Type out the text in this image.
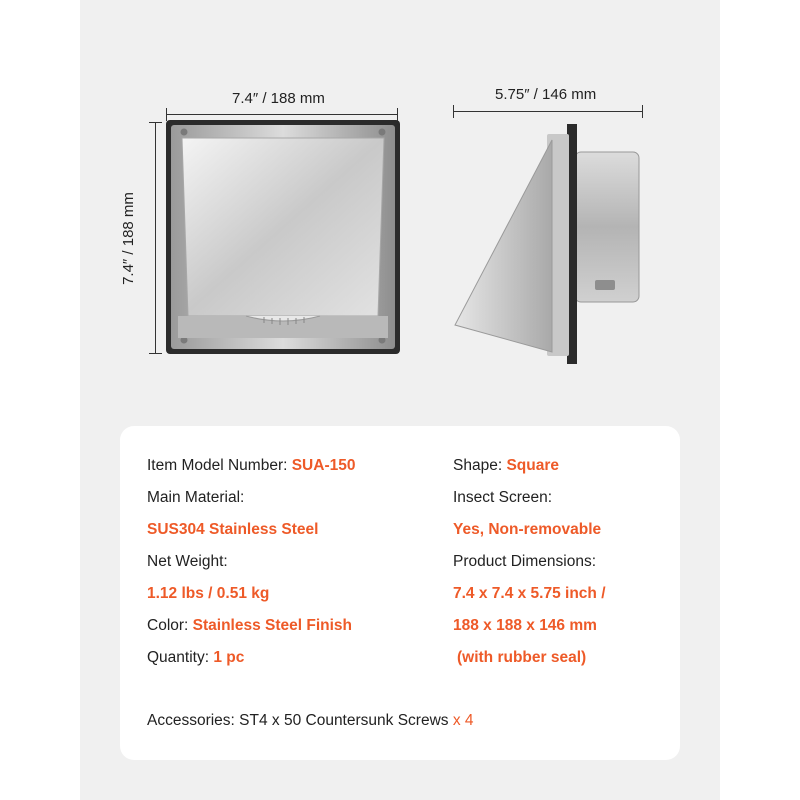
7.4″ / 188 mm
7.4″ / 188 mm
5.75″ / 146 mm
Item Model Number: SUA-150
Main Material:
SUS304 Stainless Steel
Net Weight:
1.12 lbs / 0.51 kg
Color: Stainless Steel Finish
Quantity: 1 pc
Shape: Square
Insect Screen:
Yes, Non-removable
Product Dimensions:
7.4 x 7.4 x 5.75 inch /
188 x 188 x 146 mm
(with rubber seal)
Accessories: ST4 x 50 Countersunk Screws x 4
